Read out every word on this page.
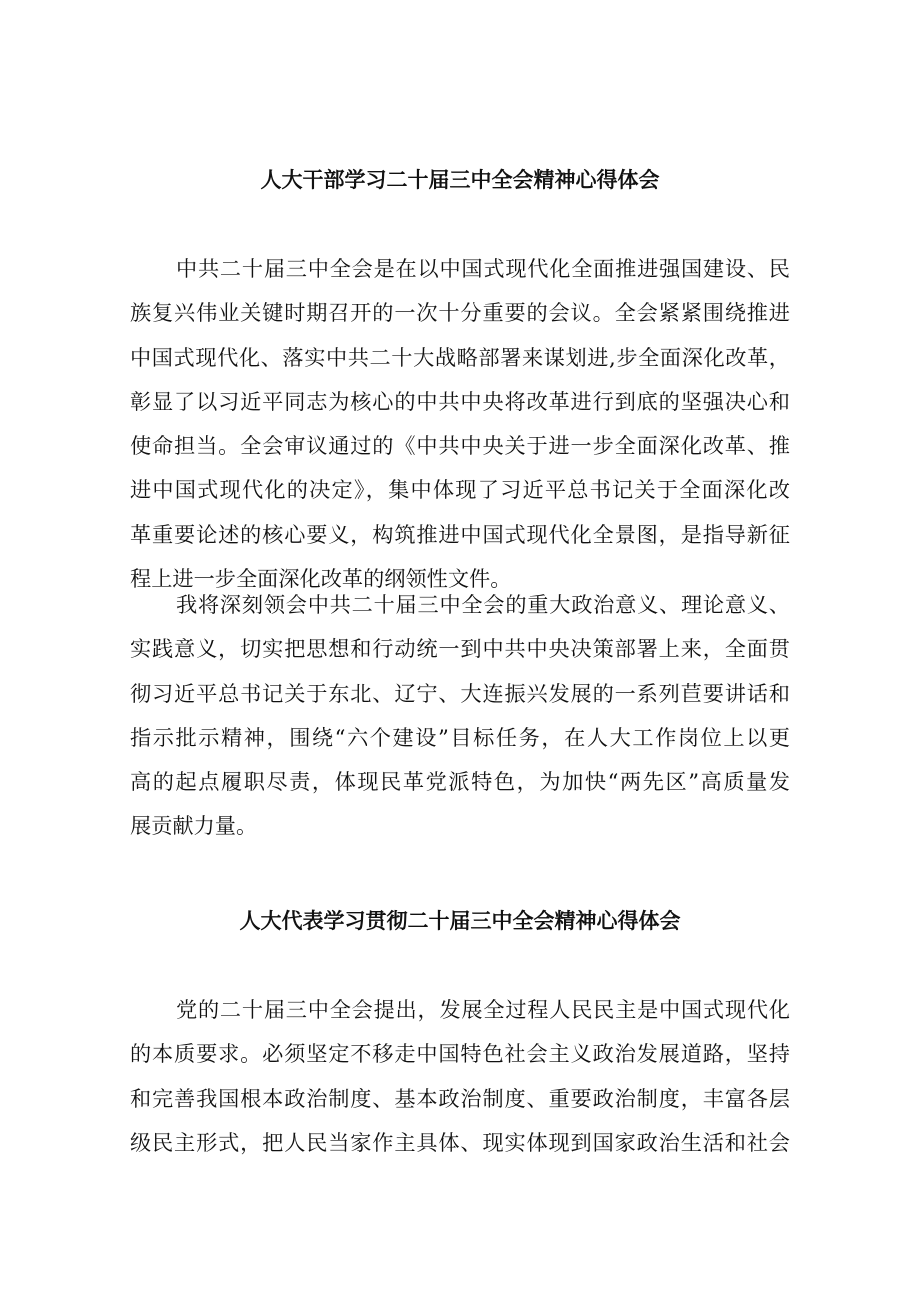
人大干部学习二十届三中全会精神心得体会
中共二十届三中全会是在以中国式现代化全面推进强国建设、民
族复兴伟业关键时期召开的一次十分重要的会议。全会紧紧围绕推进
中国式现代化、落实中共二十大战略部署来谋划进,步全面深化改革，
彰显了以习近平同志为核心的中共中央将改革进行到底的坚强决心和
使命担当。全会审议通过的《中共中央关于进一步全面深化改革、推
进中国式现代化的决定》，集中体现了习近平总书记关于全面深化改
革重要论述的核心要义，构筑推进中国式现代化全景图，是指导新征
程上进一步全面深化改革的纲领性文件。
我将深刻领会中共二十届三中全会的重大政治意义、理论意义、
实践意义，切实把思想和行动统一到中共中央决策部署上来，全面贯
彻习近平总书记关于东北、辽宁、大连振兴发展的一系列苣要讲话和
指示批示精神，围绕“六个建设”目标任务，在人大工作岗位上以更
高的起点履职尽责，体现民革党派特色，为加快“两先区”高质量发
展贡献力量。
人大代表学习贯彻二十届三中全会精神心得体会
党的二十届三中全会提出，发展全过程人民民主是中国式现代化
的本质要求。必须坚定不移走中国特色社会主义政治发展道路，坚持
和完善我国根本政治制度、基本政治制度、重要政治制度，丰富各层
级民主形式，把人民当家作主具体、现实体现到国家政治生活和社会
